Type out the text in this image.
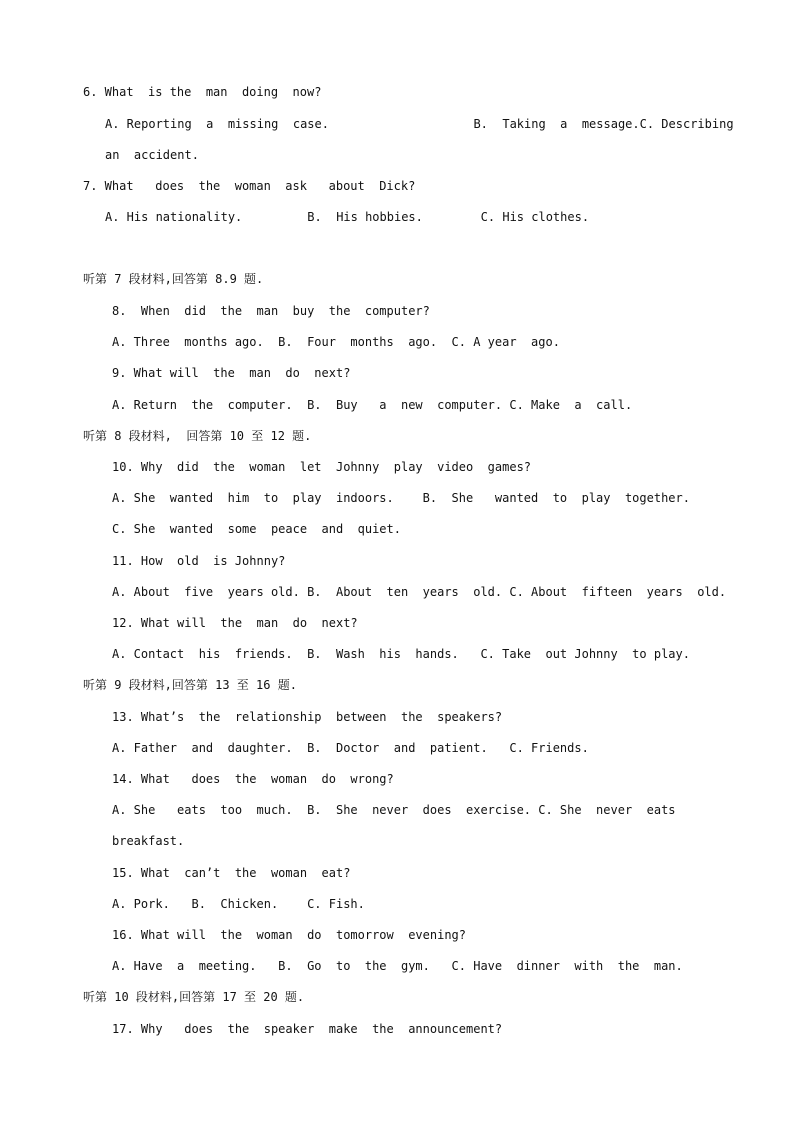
6. What  is the  man  doing  now?
A. Reporting  a  missing  case.                    B.  Taking  a  message.C. Describing
an  accident.
7. What   does  the  woman  ask   about  Dick?
A. His nationality.         B.  His hobbies.        C. His clothes.
听第 7 段材料,回答第 8.9 题.
8.  When  did  the  man  buy  the  computer?
A. Three  months ago.  B.  Four  months  ago.  C. A year  ago.
9. What will  the  man  do  next?
A. Return  the  computer.  B.  Buy   a  new  computer. C. Make  a  call.
听第 8 段材料,  回答第 10 至 12 题.
10. Why  did  the  woman  let  Johnny  play  video  games?
A. She  wanted  him  to  play  indoors.    B.  She   wanted  to  play  together.
C. She  wanted  some  peace  and  quiet.
11. How  old  is Johnny?
A. About  five  years old. B.  About  ten  years  old. C. About  fifteen  years  old.
12. What will  the  man  do  next?
A. Contact  his  friends.  B.  Wash  his  hands.   C. Take  out Johnny  to play.
听第 9 段材料,回答第 13 至 16 题.
13. What’s  the  relationship  between  the  speakers?
A. Father  and  daughter.  B.  Doctor  and  patient.   C. Friends.
14. What   does  the  woman  do  wrong?
A. She   eats  too  much.  B.  She  never  does  exercise. C. She  never  eats
breakfast.
15. What  can’t  the  woman  eat?
A. Pork.   B.  Chicken.    C. Fish.
16. What will  the  woman  do  tomorrow  evening?
A. Have  a  meeting.   B.  Go  to  the  gym.   C. Have  dinner  with  the  man.
听第 10 段材料,回答第 17 至 20 题.
17. Why   does  the  speaker  make  the  announcement?
